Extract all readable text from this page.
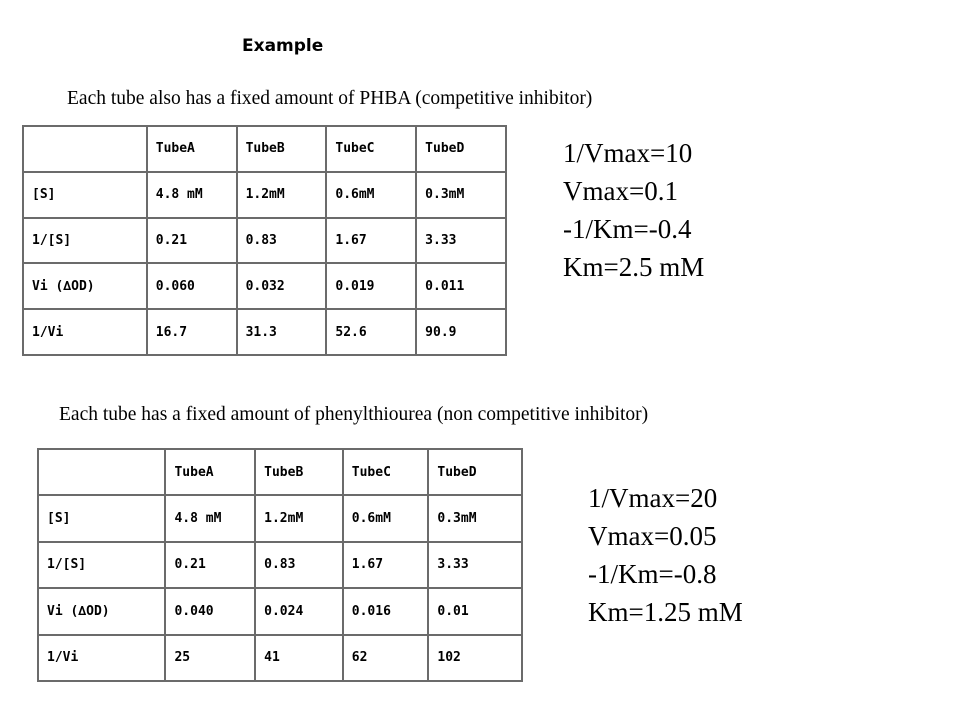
Example
Each tube also has a fixed amount of PHBA (competitive inhibitor)
	TubeA	TubeB	TubeC	TubeD
[S]	4.8 mM	1.2mM	0.6mM	0.3mM
1/[S]	0.21	0.83	1.67	3.33
Vi (∆OD)	0.060	0.032	0.019	0.011
1/Vi	16.7	31.3	52.6	90.9
1/Vmax=10
Vmax=0.1
-1/Km=-0.4
Km=2.5 mM
Each tube has a fixed amount of phenylthiourea (non competitive inhibitor)
	TubeA	TubeB	TubeC	TubeD
[S]	4.8 mM	1.2mM	0.6mM	0.3mM
1/[S]	0.21	0.83	1.67	3.33
Vi (∆OD)	0.040	0.024	0.016	0.01
1/Vi	25	41	62	102
1/Vmax=20
Vmax=0.05
-1/Km=-0.8
Km=1.25 mM
